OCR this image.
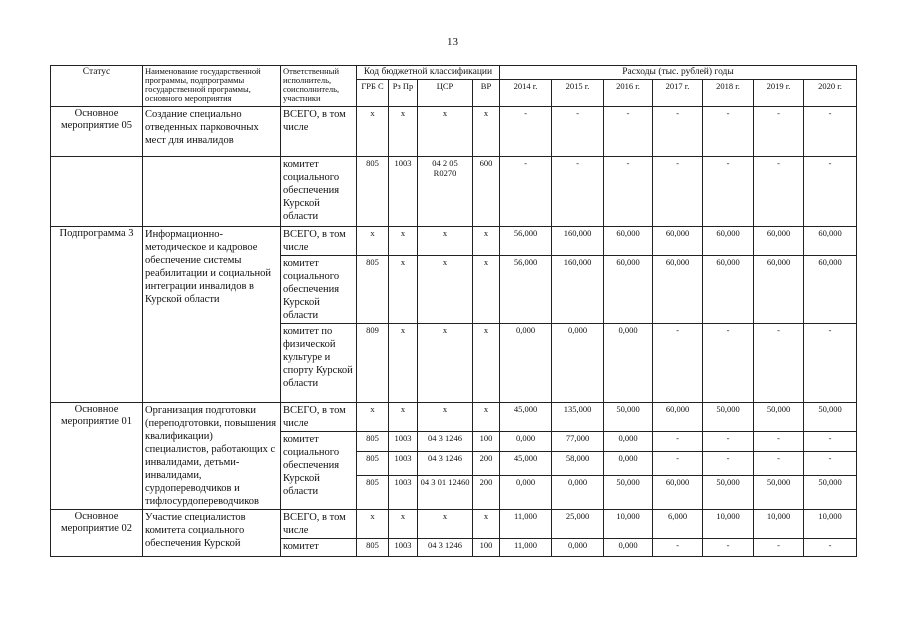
13
Статус	Наименование государственной программы, подпрограммы государственной программы, основного мероприятия	Ответственный исполнитель, соисполнитель, участники	Код бюджетной классификации				Расходы (тыс. рублей) годы						
			ГРБ С	Рз Пр	ЦСР	ВР	2014 г.	2015 г.	2016 г.	2017 г.	2018 г.	2019 г.	2020 г.
Основное мероприятие 05	Создание специально отведенных парковочных мест для инвалидов	ВСЕГО, в том числе	х	х	х	х	-	-	-	-	-	-	-
		комитет социального обеспечения Курской области	805	1003	04 2 05 R0270	600	-	-	-	-	-	-	-
Подпрограмма 3	Информационно-методическое и кадровое обеспечение системы реабилитации и социальной интеграции инвалидов в Курской области	ВСЕГО, в том числе	х	х	х	х	56,000	160,000	60,000	60,000	60,000	60,000	60,000
		комитет социального обеспечения Курской области	805	х	х	х	56,000	160,000	60,000	60,000	60,000	60,000	60,000
		комитет по физической культуре и спорту Курской области	809	х	х	х	0,000	0,000	0,000	-	-	-	-
Основное мероприятие 01	Организация подготовки (переподготовки, повышения квалификации) специалистов, работающих с инвалидами, детьми-инвалидами, сурдопереводчиков и тифлосурдопереводчиков	ВСЕГО, в том числе	х	х	х	х	45,000	135,000	50,000	60,000	50,000	50,000	50,000
		комитет социального обеспечения Курской области	805	1003	04 3 1246	100	0,000	77,000	0,000	-	-	-	-
			805	1003	04 3 1246	200	45,000	58,000	0,000	-	-	-	-
			805	1003	04 3 01 12460	200	0,000	0,000	50,000	60,000	50,000	50,000	50,000
Основное мероприятие 02	Участие специалистов комитета социального обеспечения Курской	ВСЕГО, в том числе	х	х	х	х	11,000	25,000	10,000	6,000	10,000	10,000	10,000
		комитет	805	1003	04 3 1246	100	11,000	0,000	0,000	-	-	-	-
